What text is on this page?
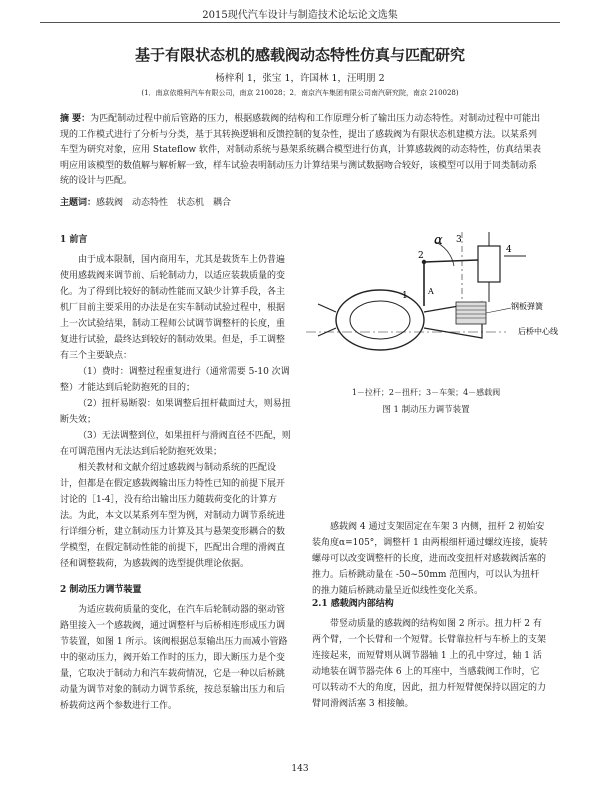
2015现代汽车设计与制造技术论坛论文选集
基于有限状态机的感载阀动态特性仿真与匹配研究
杨梓利 1，张宝 1，许国林 1，汪明朋 2
(1．南京依维柯汽车有限公司，南京 210028；2．南京汽车集团有限公司南汽研究院，南京 210028)
摘 要：为匹配制动过程中前后管路的压力，根据感载阀的结构和工作原理分析了输出压力动态特性。对制动过程中可能出现的工作模式进行了分析与分类，基于其转换逻辑和反馈控制的复杂性，提出了感载阀为有限状态机建模方法。以某系列车型为研究对象，应用 Stateflow 软件，对制动系统与悬架系统耦合模型进行仿真，计算感载阀的动态特性，仿真结果表明应用该模型的数值解与解析解一致，样车试验表明制动压力计算结果与测试数据吻合较好，该模型可以用于同类制动系统的设计与匹配。
主题词：感载阀　动态特性　状态机　耦合

1 前言

由于成本限制，国内商用车，尤其是载货车上仍普遍使用感载阀来调节前、后轮制动力，以适应装载质量的变化。为了得到比较好的制动性能而又缺少计算手段，各主机厂目前主要采用的办法是在实车制动试验过程中，根据上一次试验结果，制动工程师公试调节调整杆的长度，重复进行试验，最终达到较好的制动效果。但是，手工调整有三个主要缺点：

（1）费时：调整过程重复进行（通常需要 5-10 次调整）才能达到后轮防抱死的目的；

（2）扭杆易断裂：如果调整后扭杆截面过大，则易扭断失效；

（3）无法调整到位，如果扭杆与滑阀直径不匹配，则在可调范围内无法达到后轮防抱死效果；

相关教材和文献介绍过感载阀与制动系统的匹配设计，但都是在假定感载阀输出压力特性已知的前提下展开讨论的［1-4］，没有给出输出压力随载荷变化的计算方法。为此，本文以某系列车型为例，对制动力调节系统进行详细分析，建立制动压力计算及其与悬架变形耦合的数学模型，在假定制动性能的前提下，匹配出合理的滑阀直径和调整载荷，为感载阀的选型提供理论依据。

2 制动压力调节装置

为适应载荷质量的变化，在汽车后轮制动器的驱动管路里接入一个感载阀，通过调整杆与后桥相连形成压力调节装置，如图 1 所示。该阀根据总泵输出压力而减小管路中的驱动压力，阀开始工作时的压力，即大断压力是个变量，它取决于制动力和汽车载荷情况，它是一种以后桥跳动量为调节对象的制动力调节系统，按总泵输出压力和后桥载荷这两个参数进行工作。

钢板弹簧
后桥中心线
α
1
2
3
4
A
1－拉杆；2－扭杆；3－车架；4－感载阀
图 1 制动压力调节装置

感载阀 4 通过支架固定在车架 3 内侧，扭杆 2 初始安装角度α=105°，调整杆 1 由两根细杆通过螺纹连接，旋转螺母可以改变调整杆的长度，进而改变扭杆对感载阀活塞的推力。后桥跳动量在 -50~50mm 范围内，可以认为扭杆的推力随后桥跳动量呈近似线性变化关系。

2.1 感载阀内部结构

带竖动质量的感载阀的结构如图 2 所示。扭力杆 2 有两个臂，一个长臂和一个短臂。长臂靠拉杆与车桥上的支架连接起来，而短臂则从调节器轴 1 上的孔中穿过，轴 1 活动地装在调节器壳体 6 上的耳座中，当感载阀工作时，它可以转动不大的角度，因此，扭力杆短臂便保持以固定的力臂同滑阀活塞 3 相接触。

143
